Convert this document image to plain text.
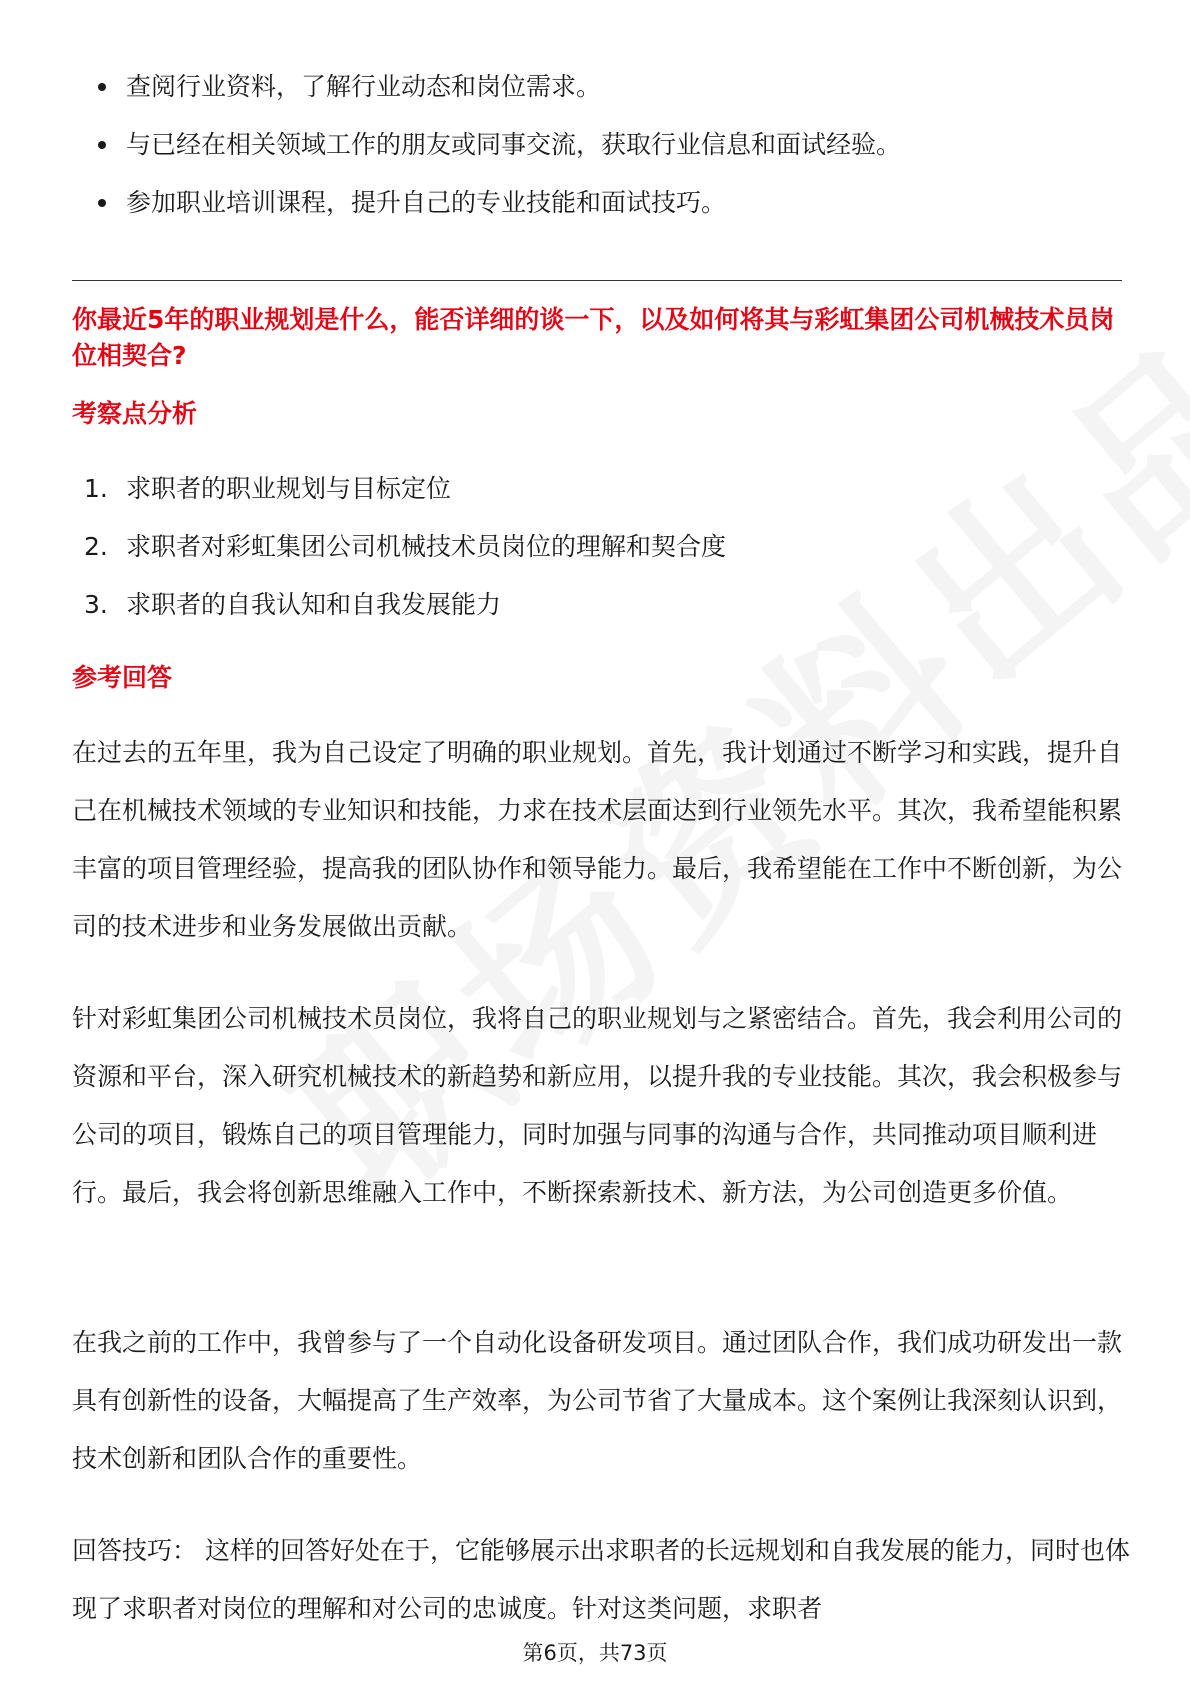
查阅行业资料，了解行业动态和岗位需求。
与已经在相关领域工作的朋友或同事交流，获取行业信息和面试经验。
参加职业培训课程，提升自己的专业技能和面试技巧。
你最近5年的职业规划是什么，能否详细的谈一下，以及如何将其与彩虹集团公司机械技术员岗位相契合?
考察点分析
1. 求职者的职业规划与目标定位
2. 求职者对彩虹集团公司机械技术员岗位的理解和契合度
3. 求职者的自我认知和自我发展能力
参考回答

在过去的五年里，我为自己设定了明确的职业规划。首先，我计划通过不断学习和实践，提升自己在机械技术领域的专业知识和技能，力求在技术层面达到行业领先水平。其次，我希望能积累丰富的项目管理经验，提高我的团队协作和领导能力。最后，我希望能在工作中不断创新，为公司的技术进步和业务发展做出贡献。

针对彩虹集团公司机械技术员岗位，我将自己的职业规划与之紧密结合。首先，我会利用公司的资源和平台，深入研究机械技术的新趋势和新应用，以提升我的专业技能。其次，我会积极参与公司的项目，锻炼自己的项目管理能力，同时加强与同事的沟通与合作，共同推动项目顺利进行。最后，我会将创新思维融入工作中，不断探索新技术、新方法，为公司创造更多价值。

在我之前的工作中，我曾参与了一个自动化设备研发项目。通过团队合作，我们成功研发出一款具有创新性的设备，大幅提高了生产效率，为公司节省了大量成本。这个案例让我深刻认识到，技术创新和团队合作的重要性。

回答技巧： 这样的回答好处在于，它能够展示出求职者的长远规划和自我发展的能力，同时也体现了求职者对岗位的理解和对公司的忠诚度。针对这类问题，求职者

第6页，共73页
